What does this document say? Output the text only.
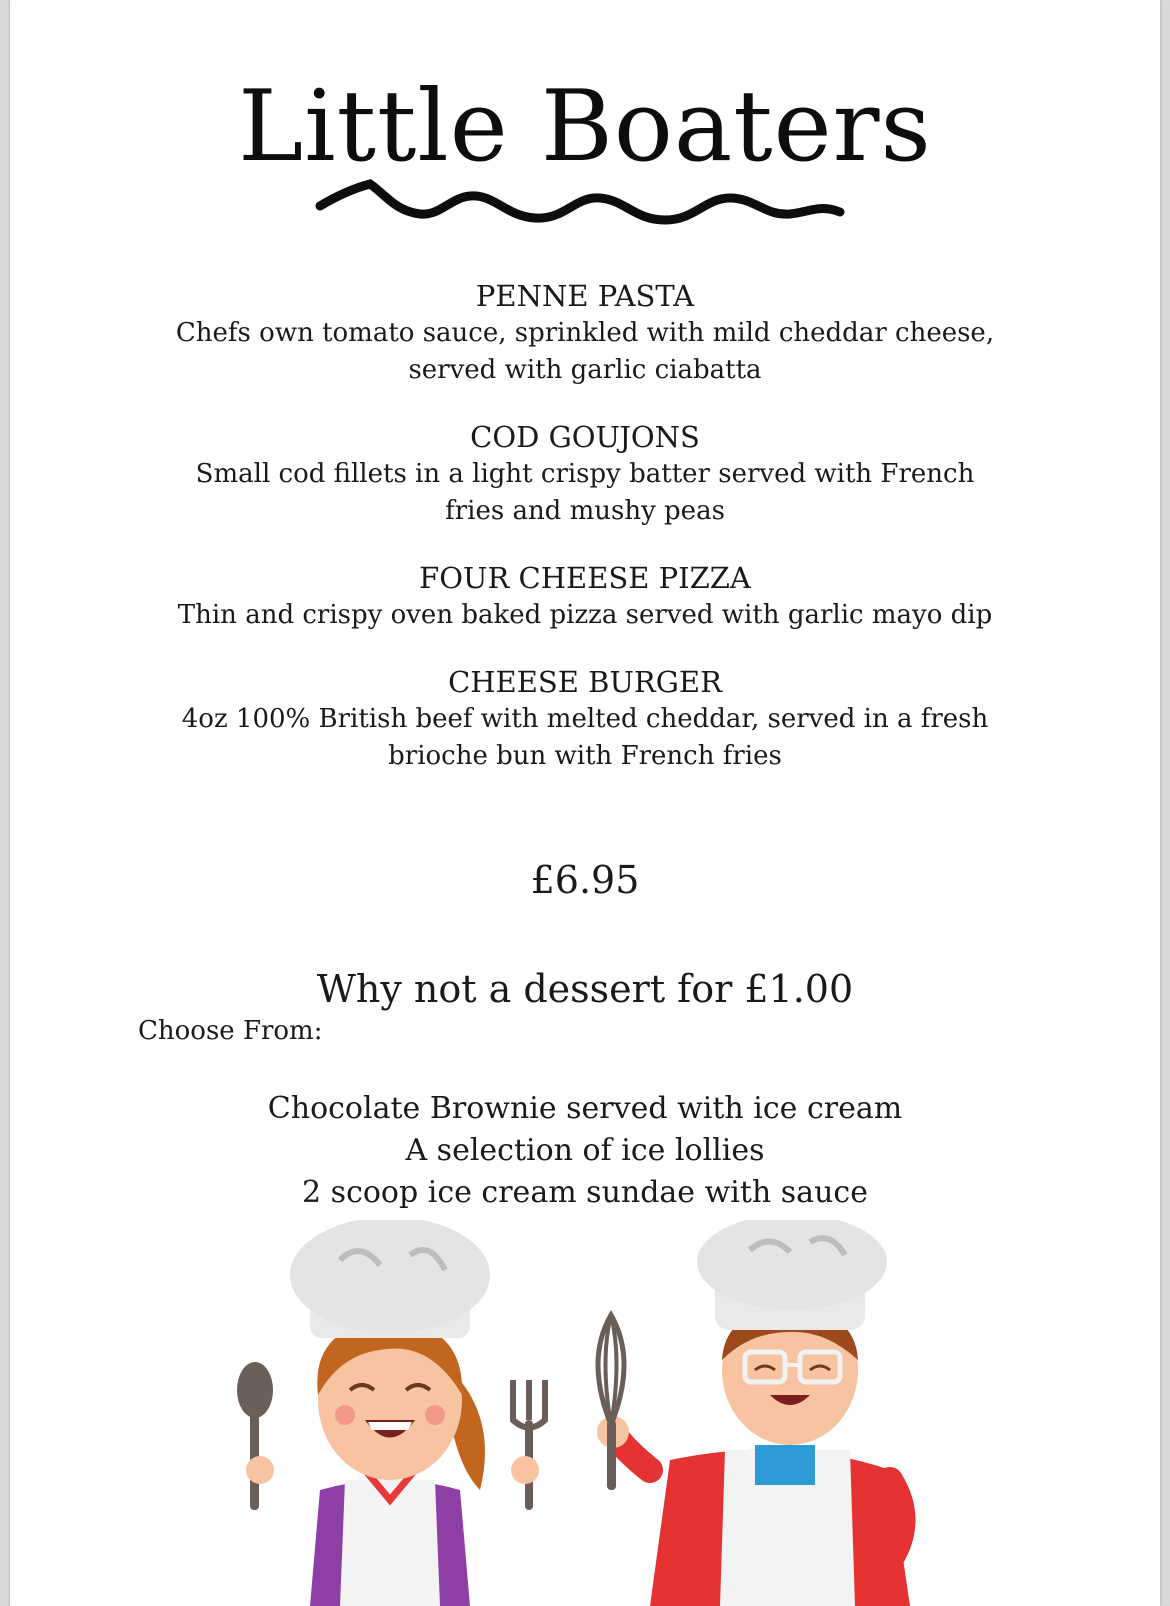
Little Boaters
PENNE PASTA
Chefs own tomato sauce, sprinkled with mild cheddar cheese, served with garlic ciabatta
COD GOUJONS
Small cod fillets in a light crispy batter served with French fries and mushy peas
FOUR CHEESE PIZZA
Thin and crispy oven baked pizza served with garlic mayo dip
CHEESE BURGER
4oz 100% British beef with melted cheddar, served in a fresh brioche bun with French fries
£6.95
Why not a dessert for £1.00
Choose From:
Chocolate Brownie served with ice cream
A selection of ice lollies
2 scoop ice cream sundae with sauce
